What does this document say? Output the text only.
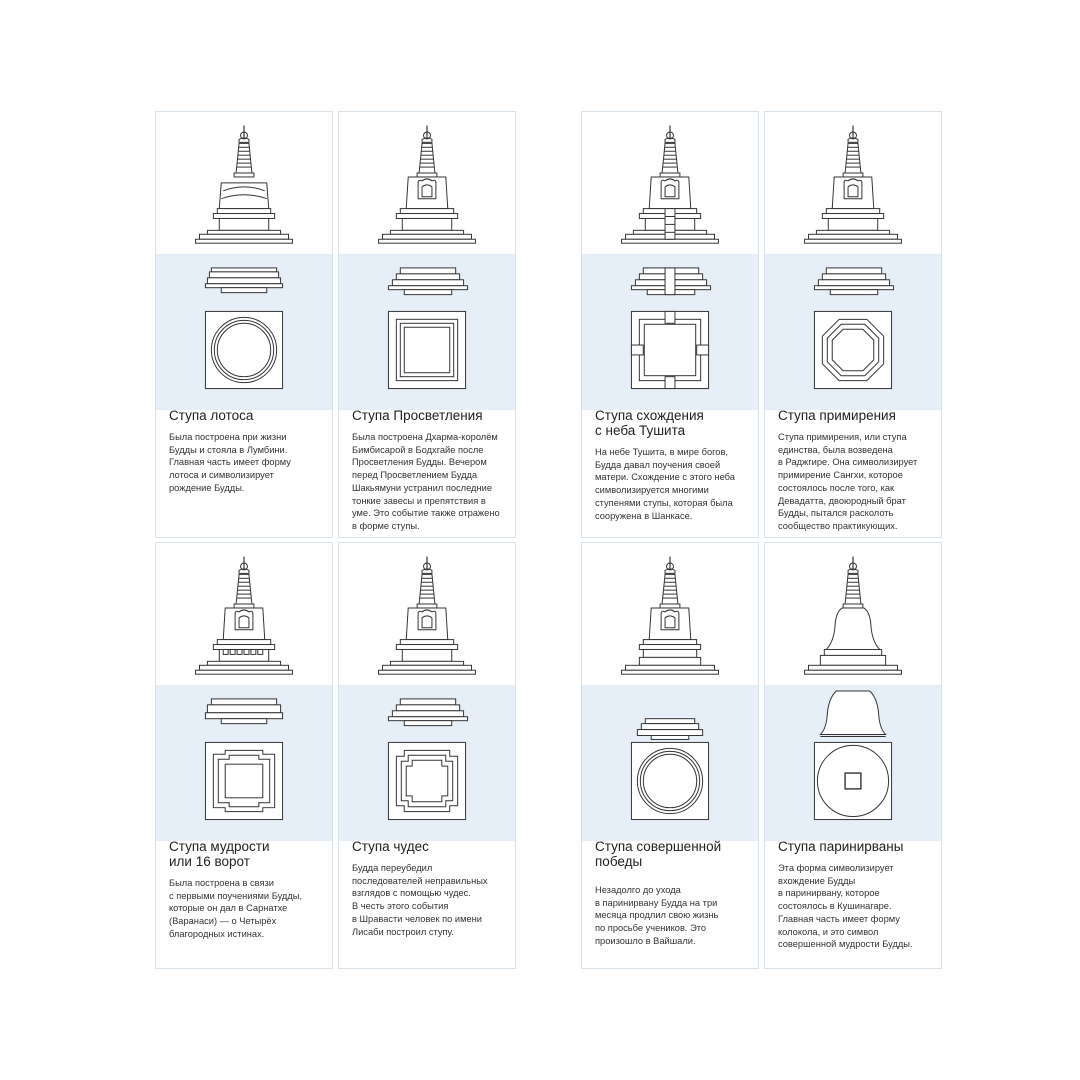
Ступа лотоса
Была построена при жизни
Будды и стояла в Лумбини.
Главная часть имеет форму
лотоса и символизирует
рождение Будды.
Ступа Просветления
Была построена Дхарма-королём
Бимбисарой в Бодхгайе после
Просветления Будды. Вечером
перед Просветлением Будда
Шакьямуни устранил последние
тонкие завесы и препятствия в
уме. Это событие также отражено
в форме ступы.
Ступа схождения
с неба Тушита
На небе Тушита, в мире богов,
Будда давал поучения своей
матери. Схождение с этого неба
символизируется многими
ступенями ступы, которая была
сооружена в Шанкасе.
Ступа примирения
Ступа примирения, или ступа
единства, была возведена
в Раджгире. Она символизирует
примирение Сангхи, которое
состоялось после того, как
Девадатта, двоюродный брат
Будды, пытался расколоть
сообщество практикующих.
Ступа мудрости
или 16 ворот
Была построена в связи
с первыми поучениями Будды,
которые он дал в Сарнатхе
(Варанаси) — о Четырёх
благородных истинах.
Ступа чудес
Будда переубедил
последователей неправильных
взглядов с помощью чудес.
В честь этого события
в Шравасти человек по имени
Лисаби построил ступу.
Ступа совершенной
победы
Незадолго до ухода
в паринирвану Будда на три
месяца продлил свою жизнь
по просьбе учеников. Это
произошло в Вайшали.
Ступа паринирваны
Эта форма символизирует
вхождение Будды
в паринирвану, которое
состоялось в Кушинагаре.
Главная часть имеет форму
колокола, и это символ
совершенной мудрости Будды.
